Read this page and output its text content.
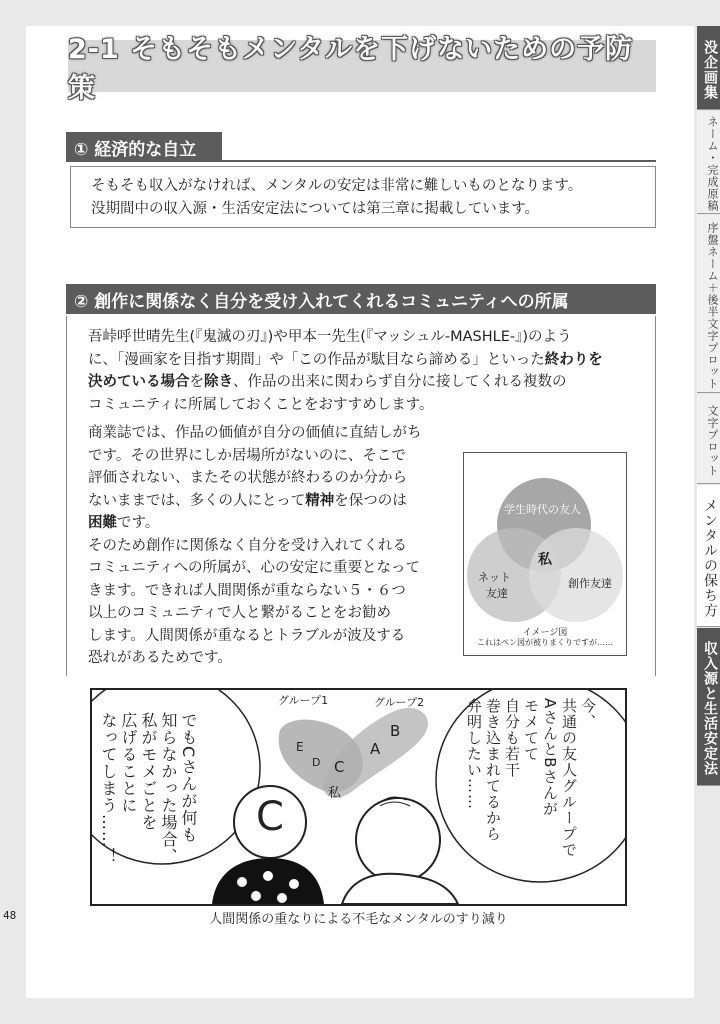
2-1 そもそもメンタルを下げないための予防策
① 経済的な自立

そもそも収入がなければ、メンタルの安定は非常に難しいものとなります。

没期間中の収入源・生活安定法については第三章に掲載しています。

② 創作に関係なく自分を受け入れてくれるコミュニティへの所属

吾峠呼世晴先生(『鬼滅の刃』)や甲本一先生(『マッシュル-MASHLE-』)のよう

に、「漫画家を目指す期間」や「この作品が駄目なら諦める」といった終わりを

決めている場合を除き、作品の出来に関わらず自分に接してくれる複数の

コミュニティに所属しておくことをおすすめします。

商業誌では、作品の価値が自分の価値に直結しがち

です。その世界にしか居場所がないのに、そこで

評価されない、またその状態が終わるのか分から

ないままでは、多くの人にとって精神を保つのは

困難です。

そのため創作に関係なく自分を受け入れてくれる

コミュニティへの所属が、心の安定に重要となって

きます。できれば人間関係が重ならない５・６つ

以上のコミュニティで人と繋がることをお勧め

します。人間関係が重なるとトラブルが波及する

恐れがあるためです。

学生時代の友人
ネット
友達
創作友達
私
イメージ図
これはペン図が被りまくりですが……
でもCさんが何も
知らなかった場合、
私がモメごとを
広げることに
なってしまう……！	今、
共通の友人グループで
AさんとBさんが
モメてて
自分も若干
巻き込まれてるから
弁明したい……
グループ1	グループ2
E
D C
A
B
私
C
人間関係の重なりによる不毛なメンタルのすり減り
没企画集
ネーム・完成原稿
序盤ネーム＋後半文字プロット
文字プロット
メンタルの保ち方
収入源と生活安定法
48
